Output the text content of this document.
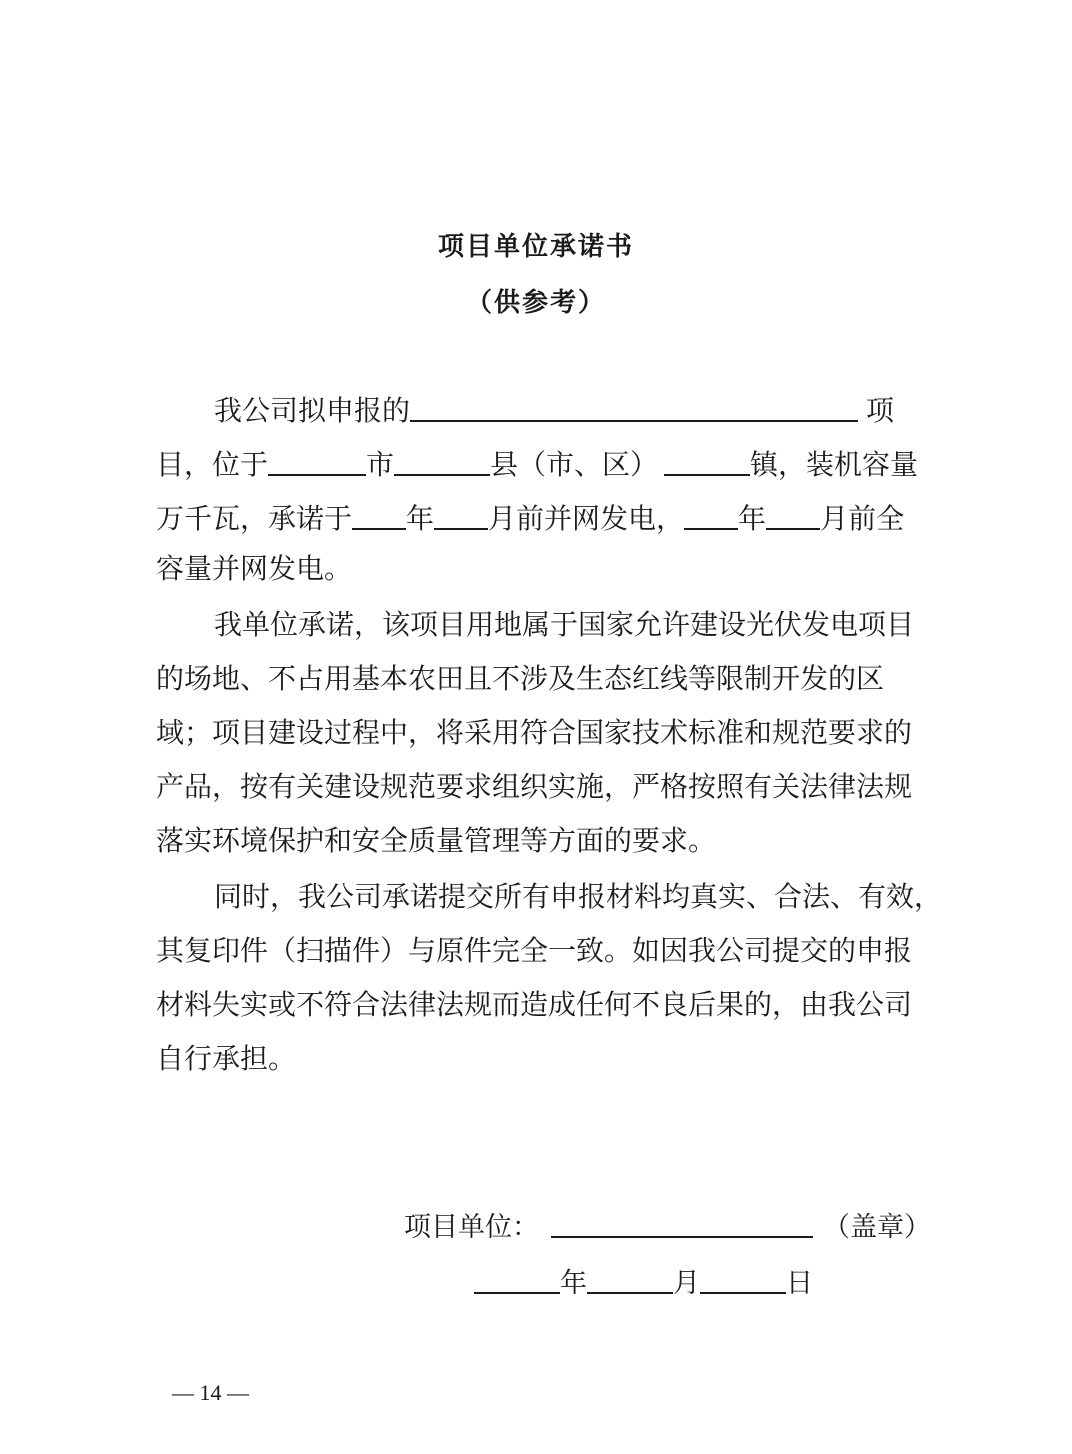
项目单位承诺书
（供参考）
我公司拟申报的	项
目，位于	市	县（市、区）	镇，装机容量
万千瓦，承诺于 年 月前并网发电， 年 月前全
容量并网发电。
我单位承诺，该项目用地属于国家允许建设光伏发电项目
的场地、不占用基本农田且不涉及生态红线等限制开发的区
域；项目建设过程中，将采用符合国家技术标准和规范要求的
产品，按有关建设规范要求组织实施，严格按照有关法律法规
落实环境保护和安全质量管理等方面的要求。
同时，我公司承诺提交所有申报材料均真实、合法、有效，
其复印件（扫描件）与原件完全一致。如因我公司提交的申报
材料失实或不符合法律法规而造成任何不良后果的，由我公司
自行承担。
项目单位：	（盖章）
年	月	日
— 14 —
